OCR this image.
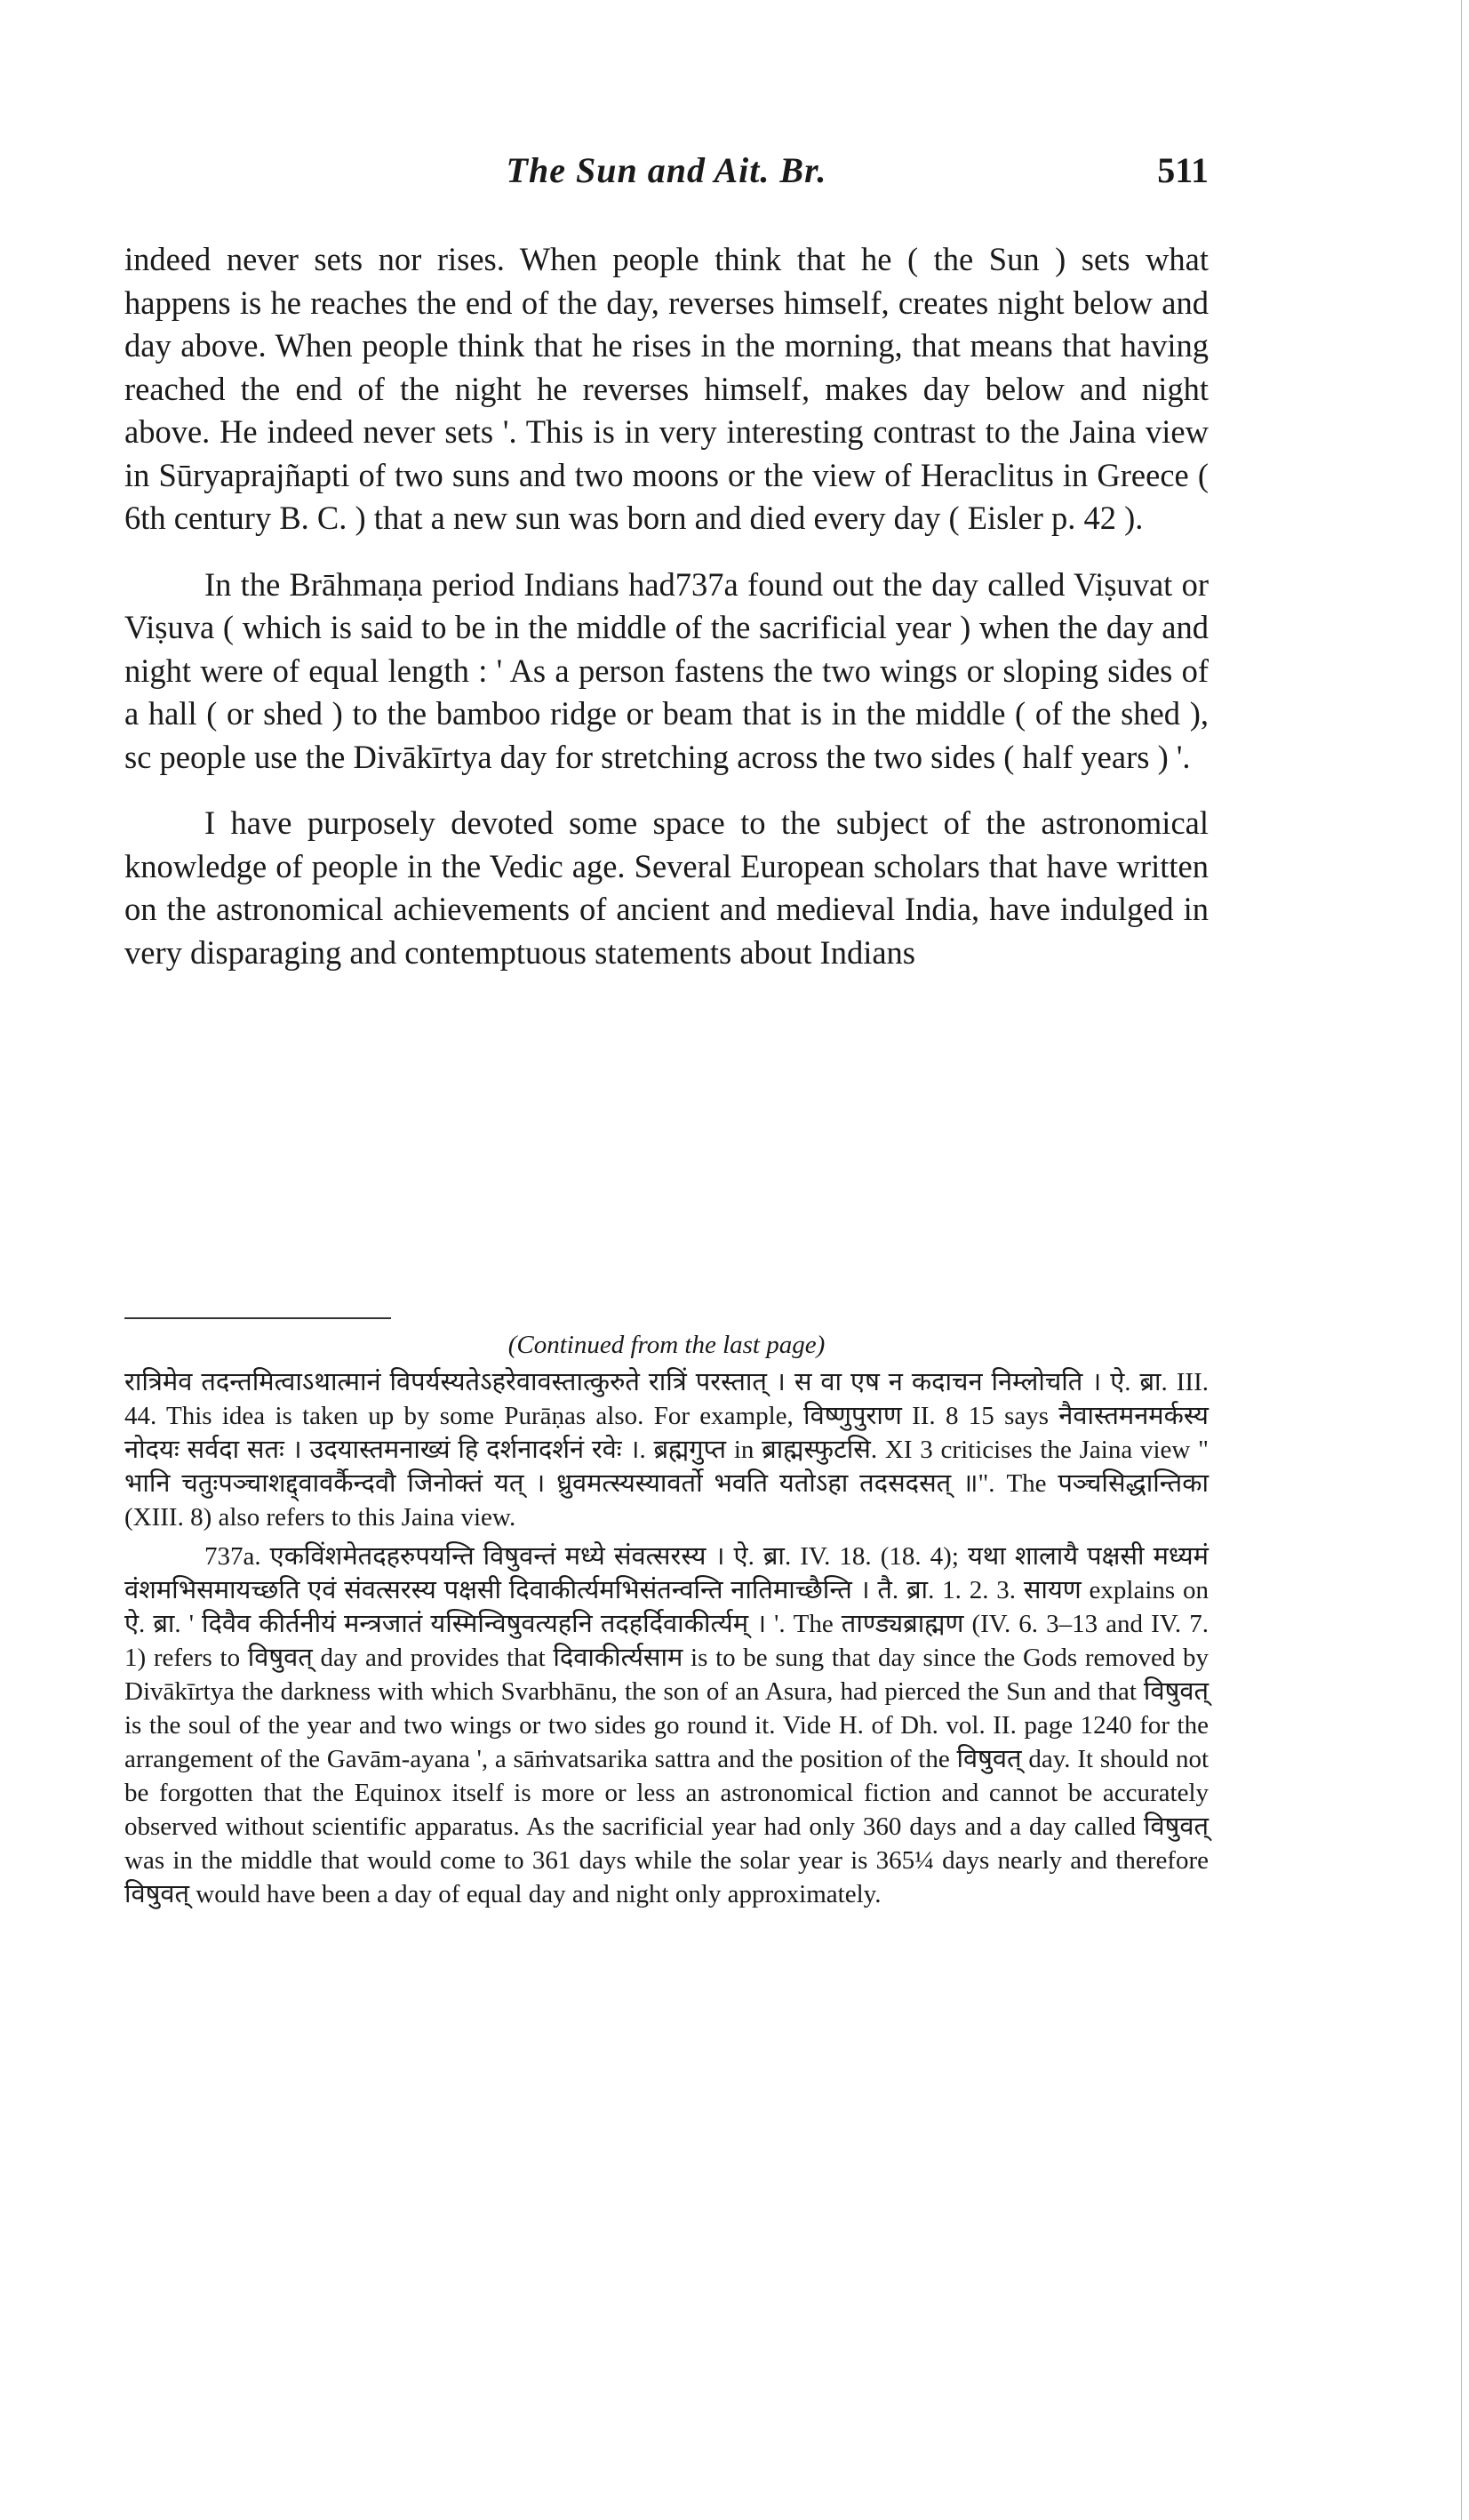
The Sun and Ait. Br.	511

indeed never sets nor rises. When people think that he ( the Sun ) sets what happens is he reaches the end of the day, reverses himself, creates night below and day above. When people think that he rises in the morning, that means that having reached the end of the night he reverses himself, makes day below and night above. He indeed never sets '. This is in very interesting contrast to the Jaina view in Sūryaprajñapti of two suns and two moons or the view of Heraclitus in Greece ( 6th century B. C. ) that a new sun was born and died every day ( Eisler p. 42 ).

In the Brāhmaṇa period Indians had737a found out the day called Viṣuvat or Viṣuva ( which is said to be in the middle of the sacrificial year ) when the day and night were of equal length : ' As a person fastens the two wings or sloping sides of a hall ( or shed ) to the bamboo ridge or beam that is in the middle ( of the shed ), sc people use the Divākīrtya day for stretching across the two sides ( half years ) '.

I have purposely devoted some space to the subject of the astronomical knowledge of people in the Vedic age. Several European scholars that have written on the astronomical achievements of ancient and medieval India, have indulged in very disparaging and contemptuous statements about Indians

(Continued from the last page)

रात्रिमेव तदन्तमित्वाऽथात्मानं विपर्यस्यतेऽहरेवावस्तात्कुरुते रात्रिं परस्तात् । स वा एष न कदाचन निम्लोचति । ऐ. ब्रा. III. 44. This idea is taken up by some Purāṇas also. For example, विष्णुपुराण II. 8 15 says नैवास्तमनमर्कस्य नोदयः सर्वदा सतः । उदयास्तमनाख्यं हि दर्शनादर्शनं रवेः ।. ब्रह्मगुप्त in ब्राह्मस्फुटसि. XI 3 criticises the Jaina view " भानि चतुःपञ्चाशद्द्वावर्कैन्दवौ जिनोक्तं यत् । ध्रुवमत्स्यस्यावर्तो भवति यतोऽहा तदसदसत् ॥". The पञ्चसिद्धान्तिका (XIII. 8) also refers to this Jaina view.

737a. एकविंशमेतदहरुपयन्ति विषुवन्तं मध्ये संवत्सरस्य । ऐ. ब्रा. IV. 18. (18. 4); यथा शालायै पक्षसी मध्यमं वंशमभिसमायच्छति एवं संवत्सरस्य पक्षसी दिवाकीर्त्यमभिसंतन्वन्ति नातिमाच्छैन्ति । तै. ब्रा. 1. 2. 3. सायण explains on ऐ. ब्रा. ' दिवैव कीर्तनीयं मन्त्रजातं यस्मिन्विषुवत्यहनि तदहर्दिवाकीर्त्यम् । '. The ताण्ड्यब्राह्मण (IV. 6. 3–13 and IV. 7. 1) refers to विषुवत् day and provides that दिवाकीर्त्यसाम is to be sung that day since the Gods removed by Divākīrtya the darkness with which Svarbhānu, the son of an Asura, had pierced the Sun and that विषुवत् is the soul of the year and two wings or two sides go round it. Vide H. of Dh. vol. II. page 1240 for the arrangement of the Gavām-ayana ', a sāṁvatsarika sattra and the position of the विषुवत् day. It should not be forgotten that the Equinox itself is more or less an astronomical fiction and cannot be accurately observed without scientific apparatus. As the sacrificial year had only 360 days and a day called विषुवत् was in the middle that would come to 361 days while the solar year is 365¼ days nearly and therefore विषुवत् would have been a day of equal day and night only approximately.
